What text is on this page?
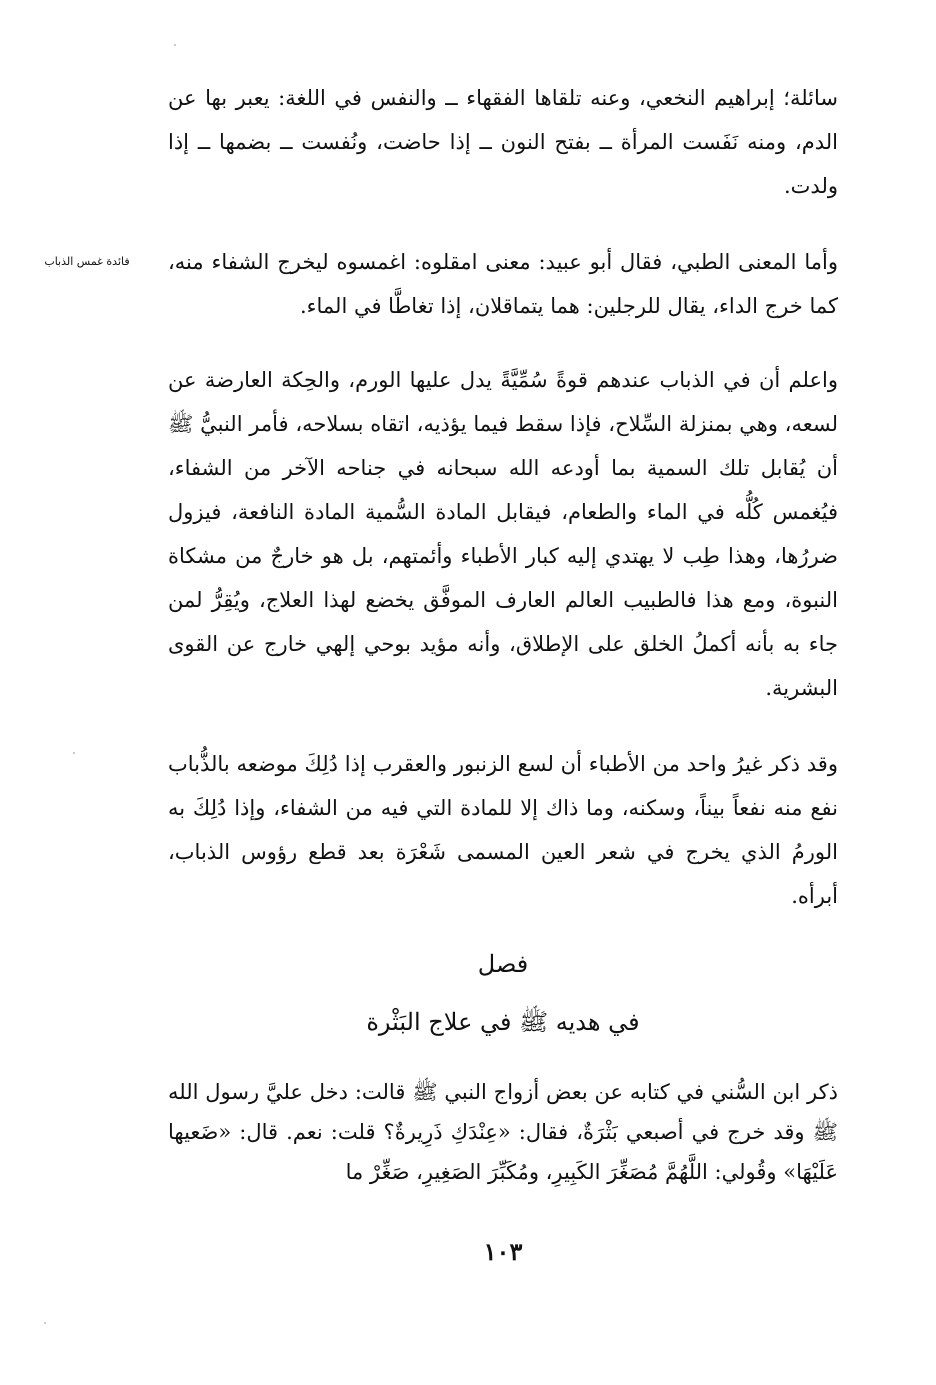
سائلة؛ إبراهيم النخعي، وعنه تلقاها الفقهاء ــ والنفس في اللغة: يعبر بها عن الدم، ومنه نَفَست المرأة ــ بفتح النون ــ إذا حاضت، ونُفست ــ بضمها ــ إذا ولدت.

فائدة غمس الذباب	وأما المعنى الطبي، فقال أبو عبيد: معنى امقلوه: اغمسوه ليخرج الشفاء منه، كما خرج الداء، يقال للرجلين: هما يتماقلان، إذا تغاطَّا في الماء.

واعلم أن في الذباب عندهم قوةً سُمِّيَّةً يدل عليها الورم، والحِكة العارضة عن لسعه، وهي بمنزلة السِّلاح، فإذا سقط فيما يؤذيه، اتقاه بسلاحه، فأمر النبيُّ ﷺ أن يُقابل تلك السمية بما أودعه الله سبحانه في جناحه الآخر من الشفاء، فيُغمس كُلُّه في الماء والطعام، فيقابل المادة السُّمية المادة النافعة، فيزول ضررُها، وهذا طِب لا يهتدي إليه كبار الأطباء وأئمتهم، بل هو خارجٌ من مشكاة النبوة، ومع هذا فالطبيب العالم العارف الموفَّق يخضع لهذا العلاج، ويُقِرُّ لمن جاء به بأنه أكملُ الخلق على الإطلاق، وأنه مؤيد بوحي إلهي خارج عن القوى البشرية.

وقد ذكر غيرُ واحد من الأطباء أن لسع الزنبور والعقرب إذا دُلِكَ موضعه بالذُّباب نفع منه نفعاً بيناً، وسكنه، وما ذاك إلا للمادة التي فيه من الشفاء، وإذا دُلِكَ به الورمُ الذي يخرج في شعر العين المسمى شَعْرَة بعد قطع رؤوس الذباب، أبرأه.

فصل
في هديه ﷺ في علاج البَثْرة

ذكر ابن السُّني في كتابه عن بعض أزواج النبي ﷺ قالت: دخل عليَّ رسول الله ﷺ وقد خرج في أصبعي بَثْرَةٌ، فقال: «عِنْدَكِ ذَرِيرةٌ؟ قلت: نعم. قال: «ضَعيها عَلَيْهَا» وقُولي: اللَّهُمَّ مُصَغِّرَ الكَبِيرِ، ومُكَبِّرَ الصَغِيرِ، صَغِّرْ ما

١٠٣
